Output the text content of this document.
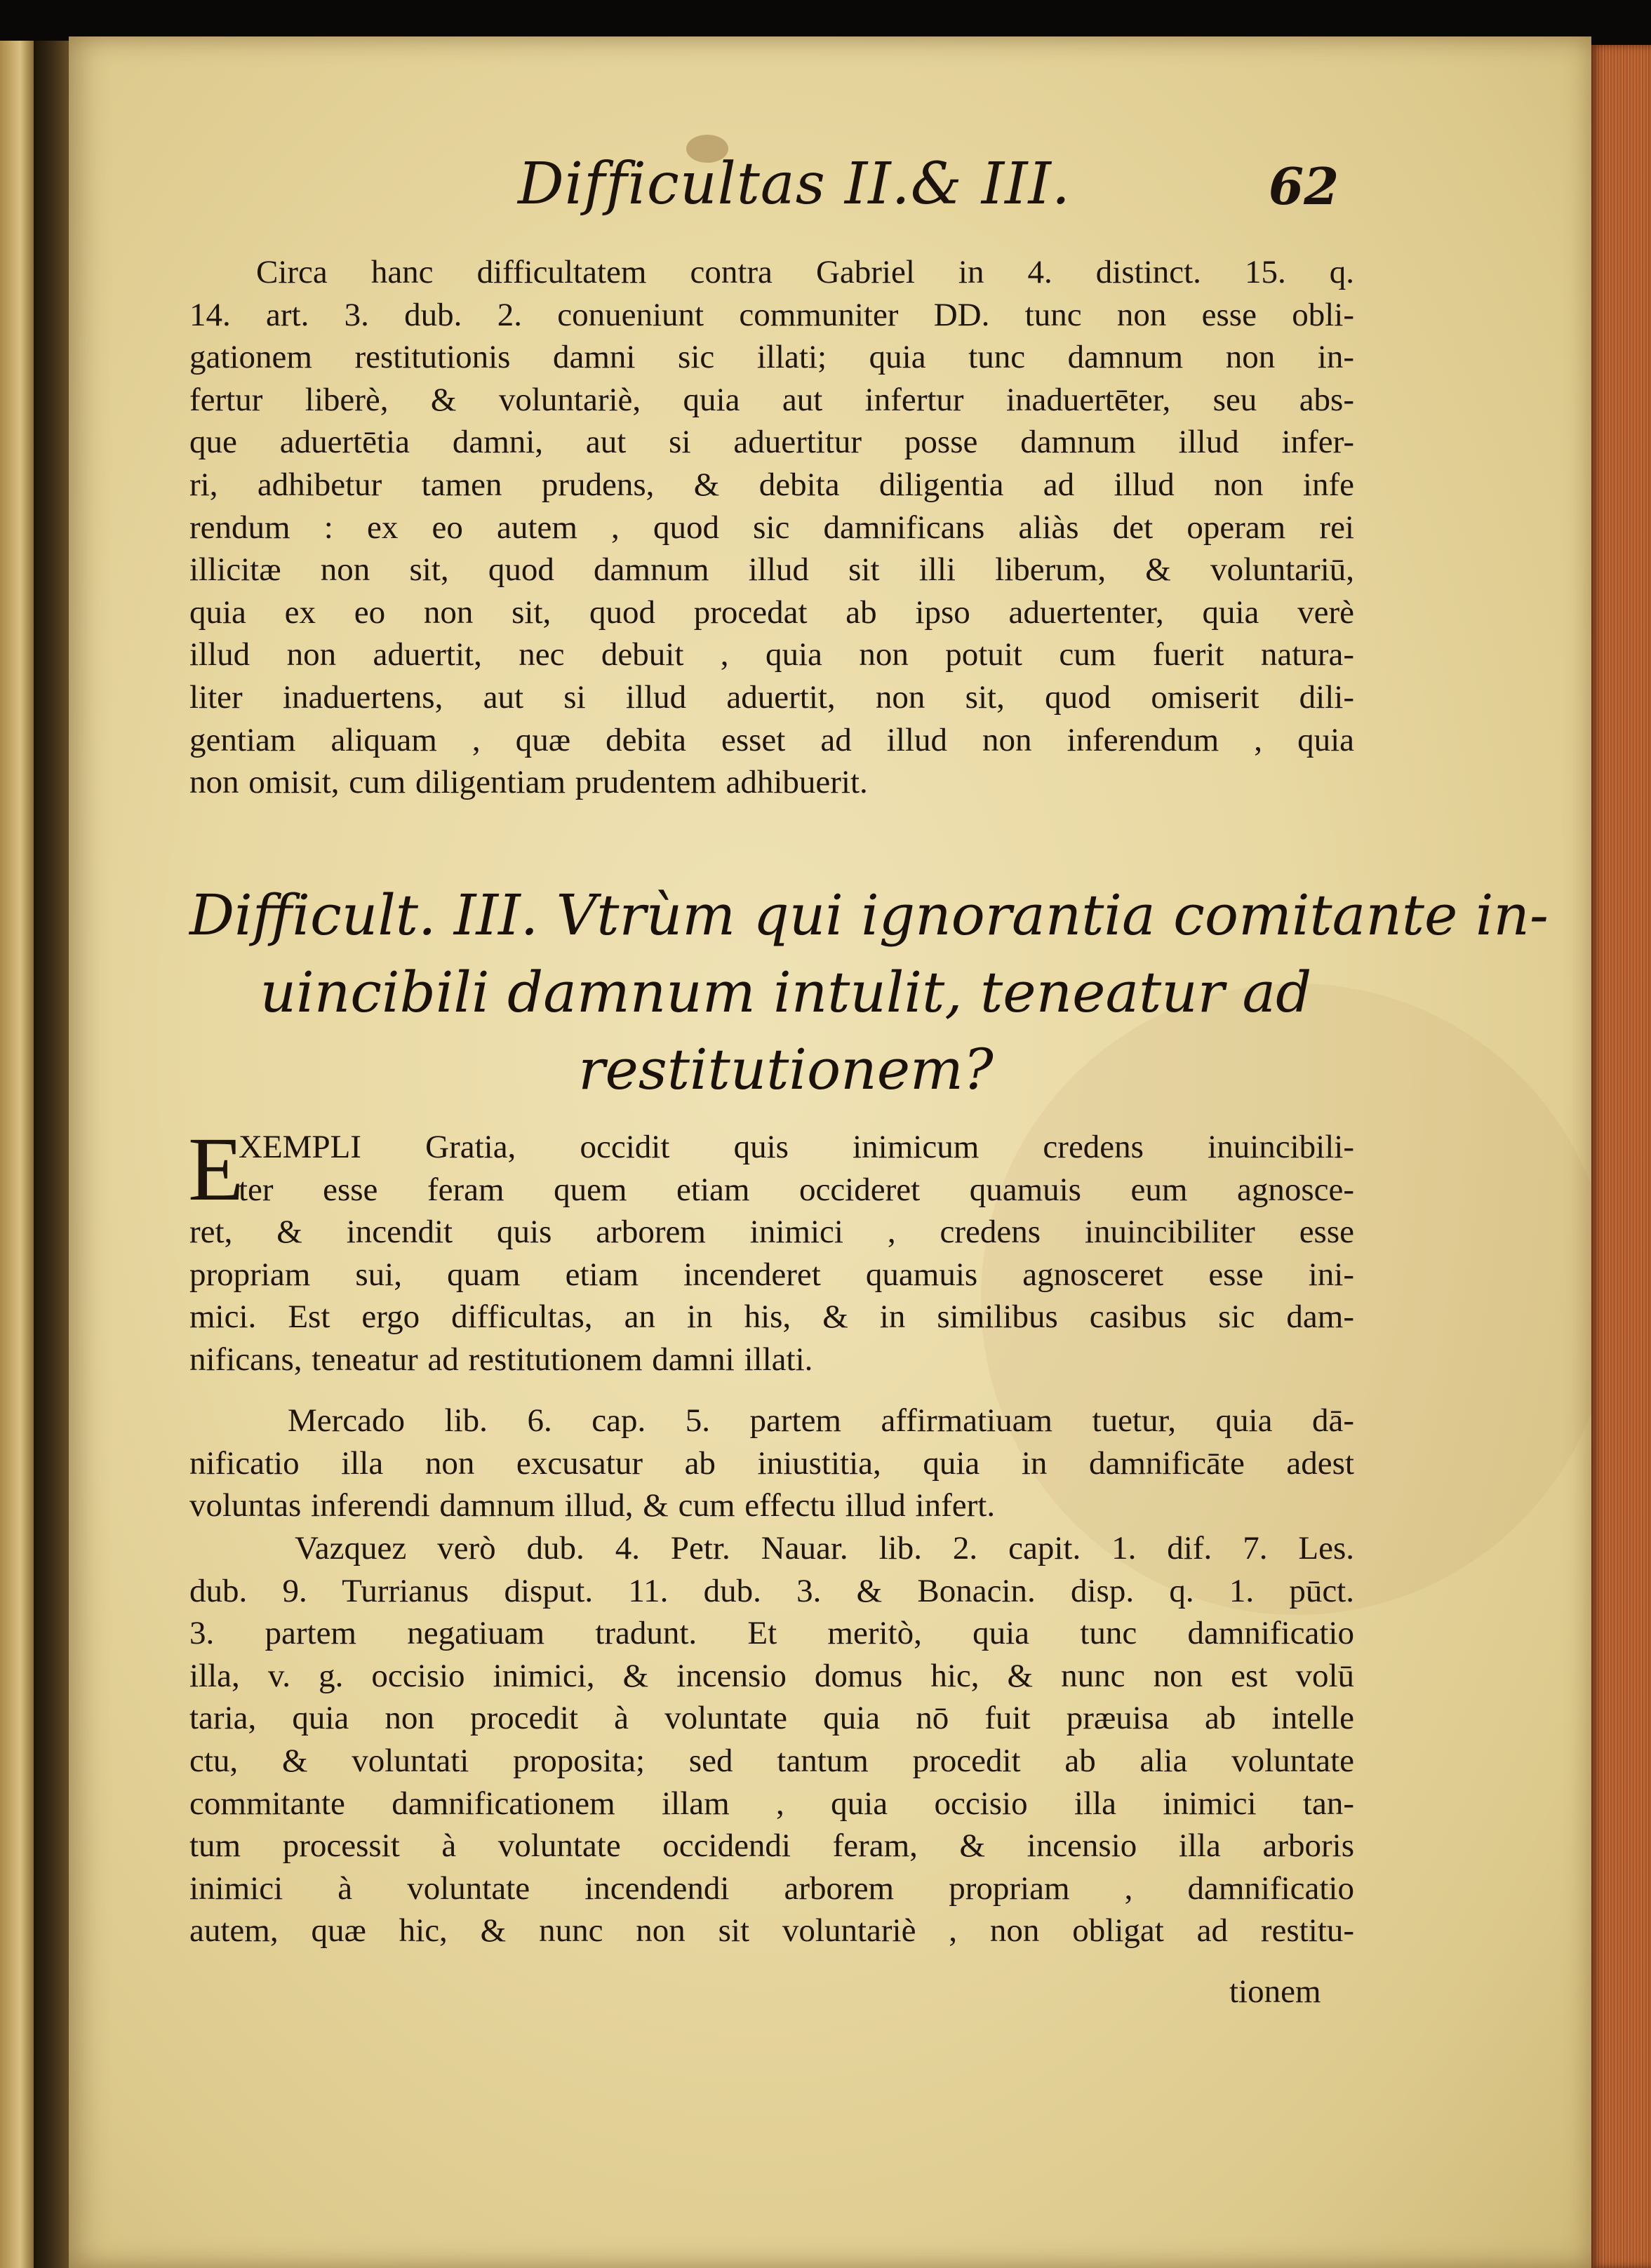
Difficultas II.& III.	62
Circa hanc difficultatem contra Gabriel in 4. distinct. 15. q.
14. art. 3. dub. 2. conueniunt communiter DD. tunc non esse obli-
gationem restitutionis damni sic illati; quia tunc damnum non in-
fertur liberè, & voluntariè, quia aut infertur inaduertēter, seu abs-
que aduertētia damni, aut si aduertitur posse damnum illud infer-
ri, adhibetur tamen prudens, & debita diligentia ad illud non infe
rendum : ex eo autem , quod sic damnificans aliàs det operam rei
illicitæ non sit, quod damnum illud sit illi liberum, & voluntariū,
quia ex eo non sit, quod procedat ab ipso aduertenter, quia verè
illud non aduertit, nec debuit , quia non potuit cum fuerit natura-
liter inaduertens, aut si illud aduertit, non sit, quod omiserit dili-
gentiam aliquam , quæ debita esset ad illud non inferendum , quia
non omisit, cum diligentiam prudentem adhibuerit.
Difficult. III. Vtrùm qui ignorantia comitante in-
uincibili damnum intulit, teneatur ad
restitutionem?
E
XEMPLI Gratia, occidit quis inimicum credens inuincibili-
ter esse feram quem etiam occideret quamuis eum agnosce-
ret, & incendit quis arborem inimici , credens inuincibiliter esse
propriam sui, quam etiam incenderet quamuis agnosceret esse ini-
mici. Est ergo difficultas, an in his, & in similibus casibus sic dam-
nificans, teneatur ad restitutionem damni illati.
Mercado lib. 6. cap. 5. partem affirmatiuam tuetur, quia dā-
nificatio illa non excusatur ab iniustitia, quia in damnificāte adest
voluntas inferendi damnum illud, & cum effectu illud infert.
Vazquez verò dub. 4. Petr. Nauar. lib. 2. capit. 1. dif. 7. Les.
dub. 9. Turrianus disput. 11. dub. 3. & Bonacin. disp. q. 1. pūct.
3. partem negatiuam tradunt. Et meritò, quia tunc damnificatio
illa, v. g. occisio inimici, & incensio domus hic, & nunc non est volū
taria, quia non procedit à voluntate quia nō fuit præuisa ab intelle
ctu, & voluntati proposita; sed tantum procedit ab alia voluntate
commitante damnificationem illam , quia occisio illa inimici tan-
tum processit à voluntate occidendi feram, & incensio illa arboris
inimici à voluntate incendendi arborem propriam , damnificatio
autem, quæ hic, & nunc non sit voluntariè , non obligat ad restitu-
tionem
